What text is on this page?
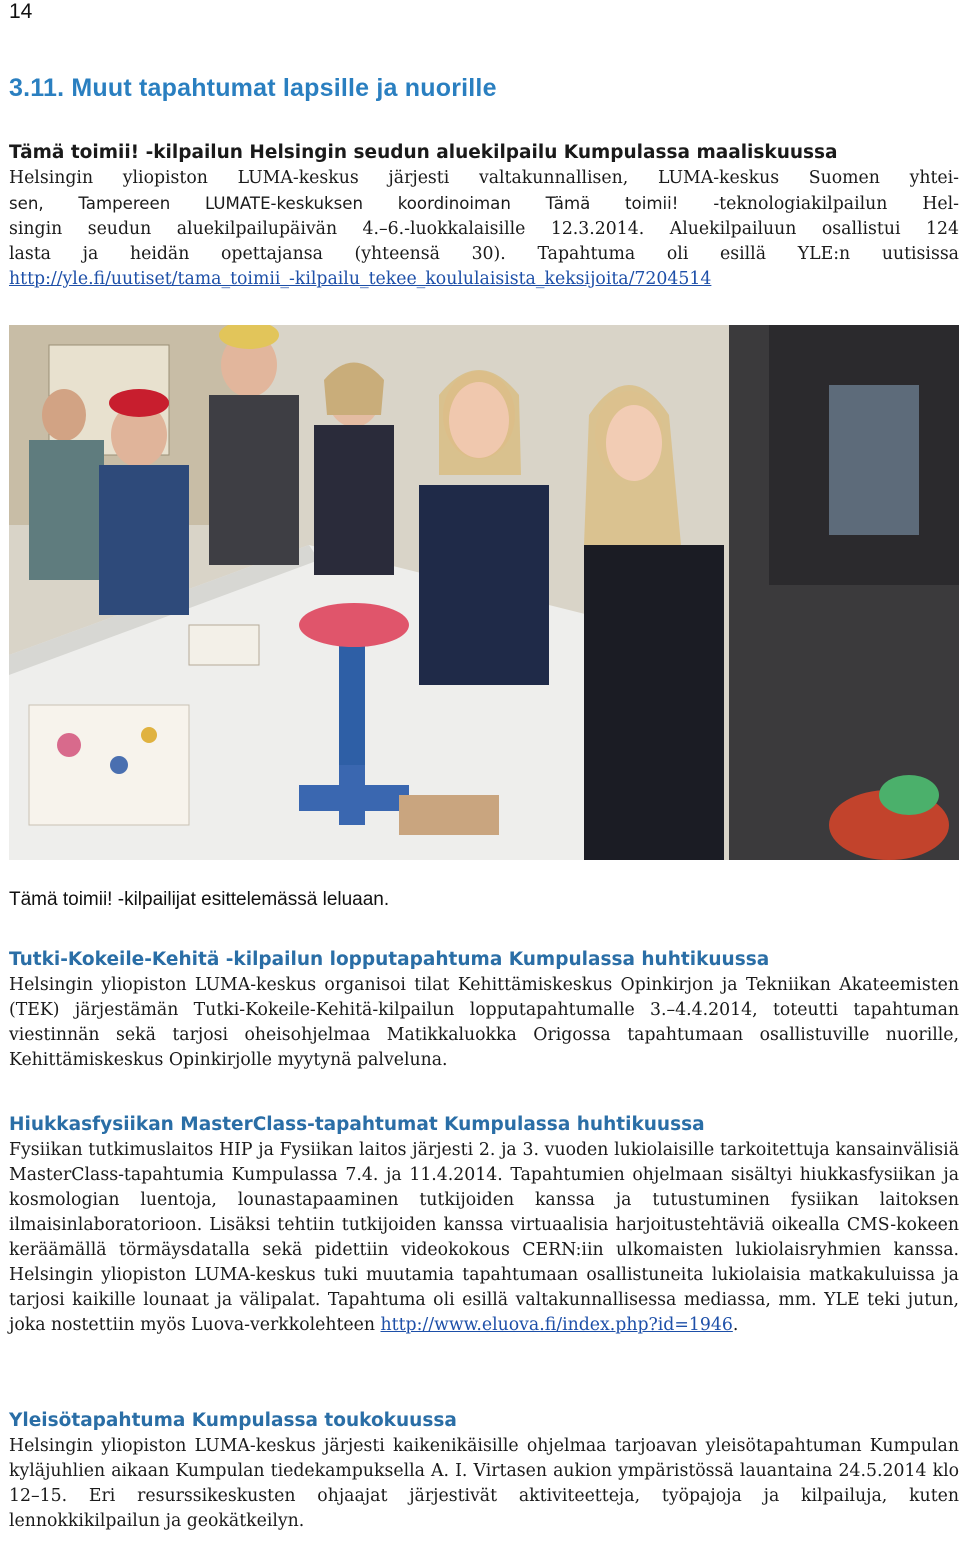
14
3.11. Muut tapahtumat lapsille ja nuorille

Tämä toimii! -kilpailun Helsingin seudun aluekilpailu Kumpulassa maaliskuussa

Helsingin yliopiston LUMA-keskus järjesti valtakunnallisen, LUMA-keskus Suomen yhtei-
sen, Tampereen LUMATE-keskuksen koordinoiman Tämä toimii! -teknologiakilpailun Hel-
singin seudun aluekilpailupäivän 4.–6.-luokkalaisille 12.3.2014. Aluekilpailuun osallistui 124
lasta ja heidän opettajansa (yhteensä 30). Tapahtuma oli esillä YLE:n uutisissa
http://yle.fi/uutiset/tama_toimii_-kilpailu_tekee_koululaisista_keksijoita/7204514

Tämä toimii! -kilpailijat esittelemässä leluaan.

Tutki-Kokeile-Kehitä -kilpailun lopputapahtuma Kumpulassa huhtikuussa

Helsingin yliopiston LUMA-keskus organisoi tilat Kehittämiskeskus Opinkirjon ja Tekniikan Akateemisten (TEK) järjestämän Tutki-Kokeile-Kehitä-kilpailun lopputapahtumalle 3.–4.4.2014, toteutti tapahtuman viestinnän sekä tarjosi oheisohjelmaa Matikkaluokka Origossa tapahtumaan osallistuville nuorille, Kehittämiskeskus Opinkirjolle myytynä palveluna.

Hiukkasfysiikan MasterClass-tapahtumat Kumpulassa huhtikuussa

Fysiikan tutkimuslaitos HIP ja Fysiikan laitos järjesti 2. ja 3. vuoden lukiolaisille tarkoitettuja kansainvälisiä MasterClass-tapahtumia Kumpulassa 7.4. ja 11.4.2014. Tapahtumien ohjelmaan sisältyi hiukkasfysiikan ja kosmologian luentoja, lounastapaaminen tutkijoiden kanssa ja tutustuminen fysiikan laitoksen ilmaisinlaboratorioon. Lisäksi tehtiin tutkijoiden kanssa virtuaalisia harjoitustehtäviä oikealla CMS-kokeen keräämällä törmäysdatalla sekä pidettiin videokokous CERN:iin ulkomaisten lukiolaisryhmien kanssa. Helsingin yliopiston LUMA-keskus tuki muutamia tapahtumaan osallistuneita lukiolaisia matkakuluissa ja tarjosi kaikille lounaat ja välipalat. Tapahtuma oli esillä valtakunnallisessa mediassa, mm. YLE teki jutun, joka nostettiin myös Luova-verkkolehteen http://www.eluova.fi/index.php?id=1946.

Yleisötapahtuma Kumpulassa toukokuussa

Helsingin yliopiston LUMA-keskus järjesti kaikenikäisille ohjelmaa tarjoavan yleisötapahtuman Kumpulan kyläjuhlien aikaan Kumpulan tiedekampuksella A. I. Virtasen aukion ympäristössä lauantaina 24.5.2014 klo 12–15. Eri resurssikeskusten ohjaajat järjestivät aktiviteetteja, työpajoja ja kilpailuja, kuten lennokkikilpailun ja geokätkeilyn.
